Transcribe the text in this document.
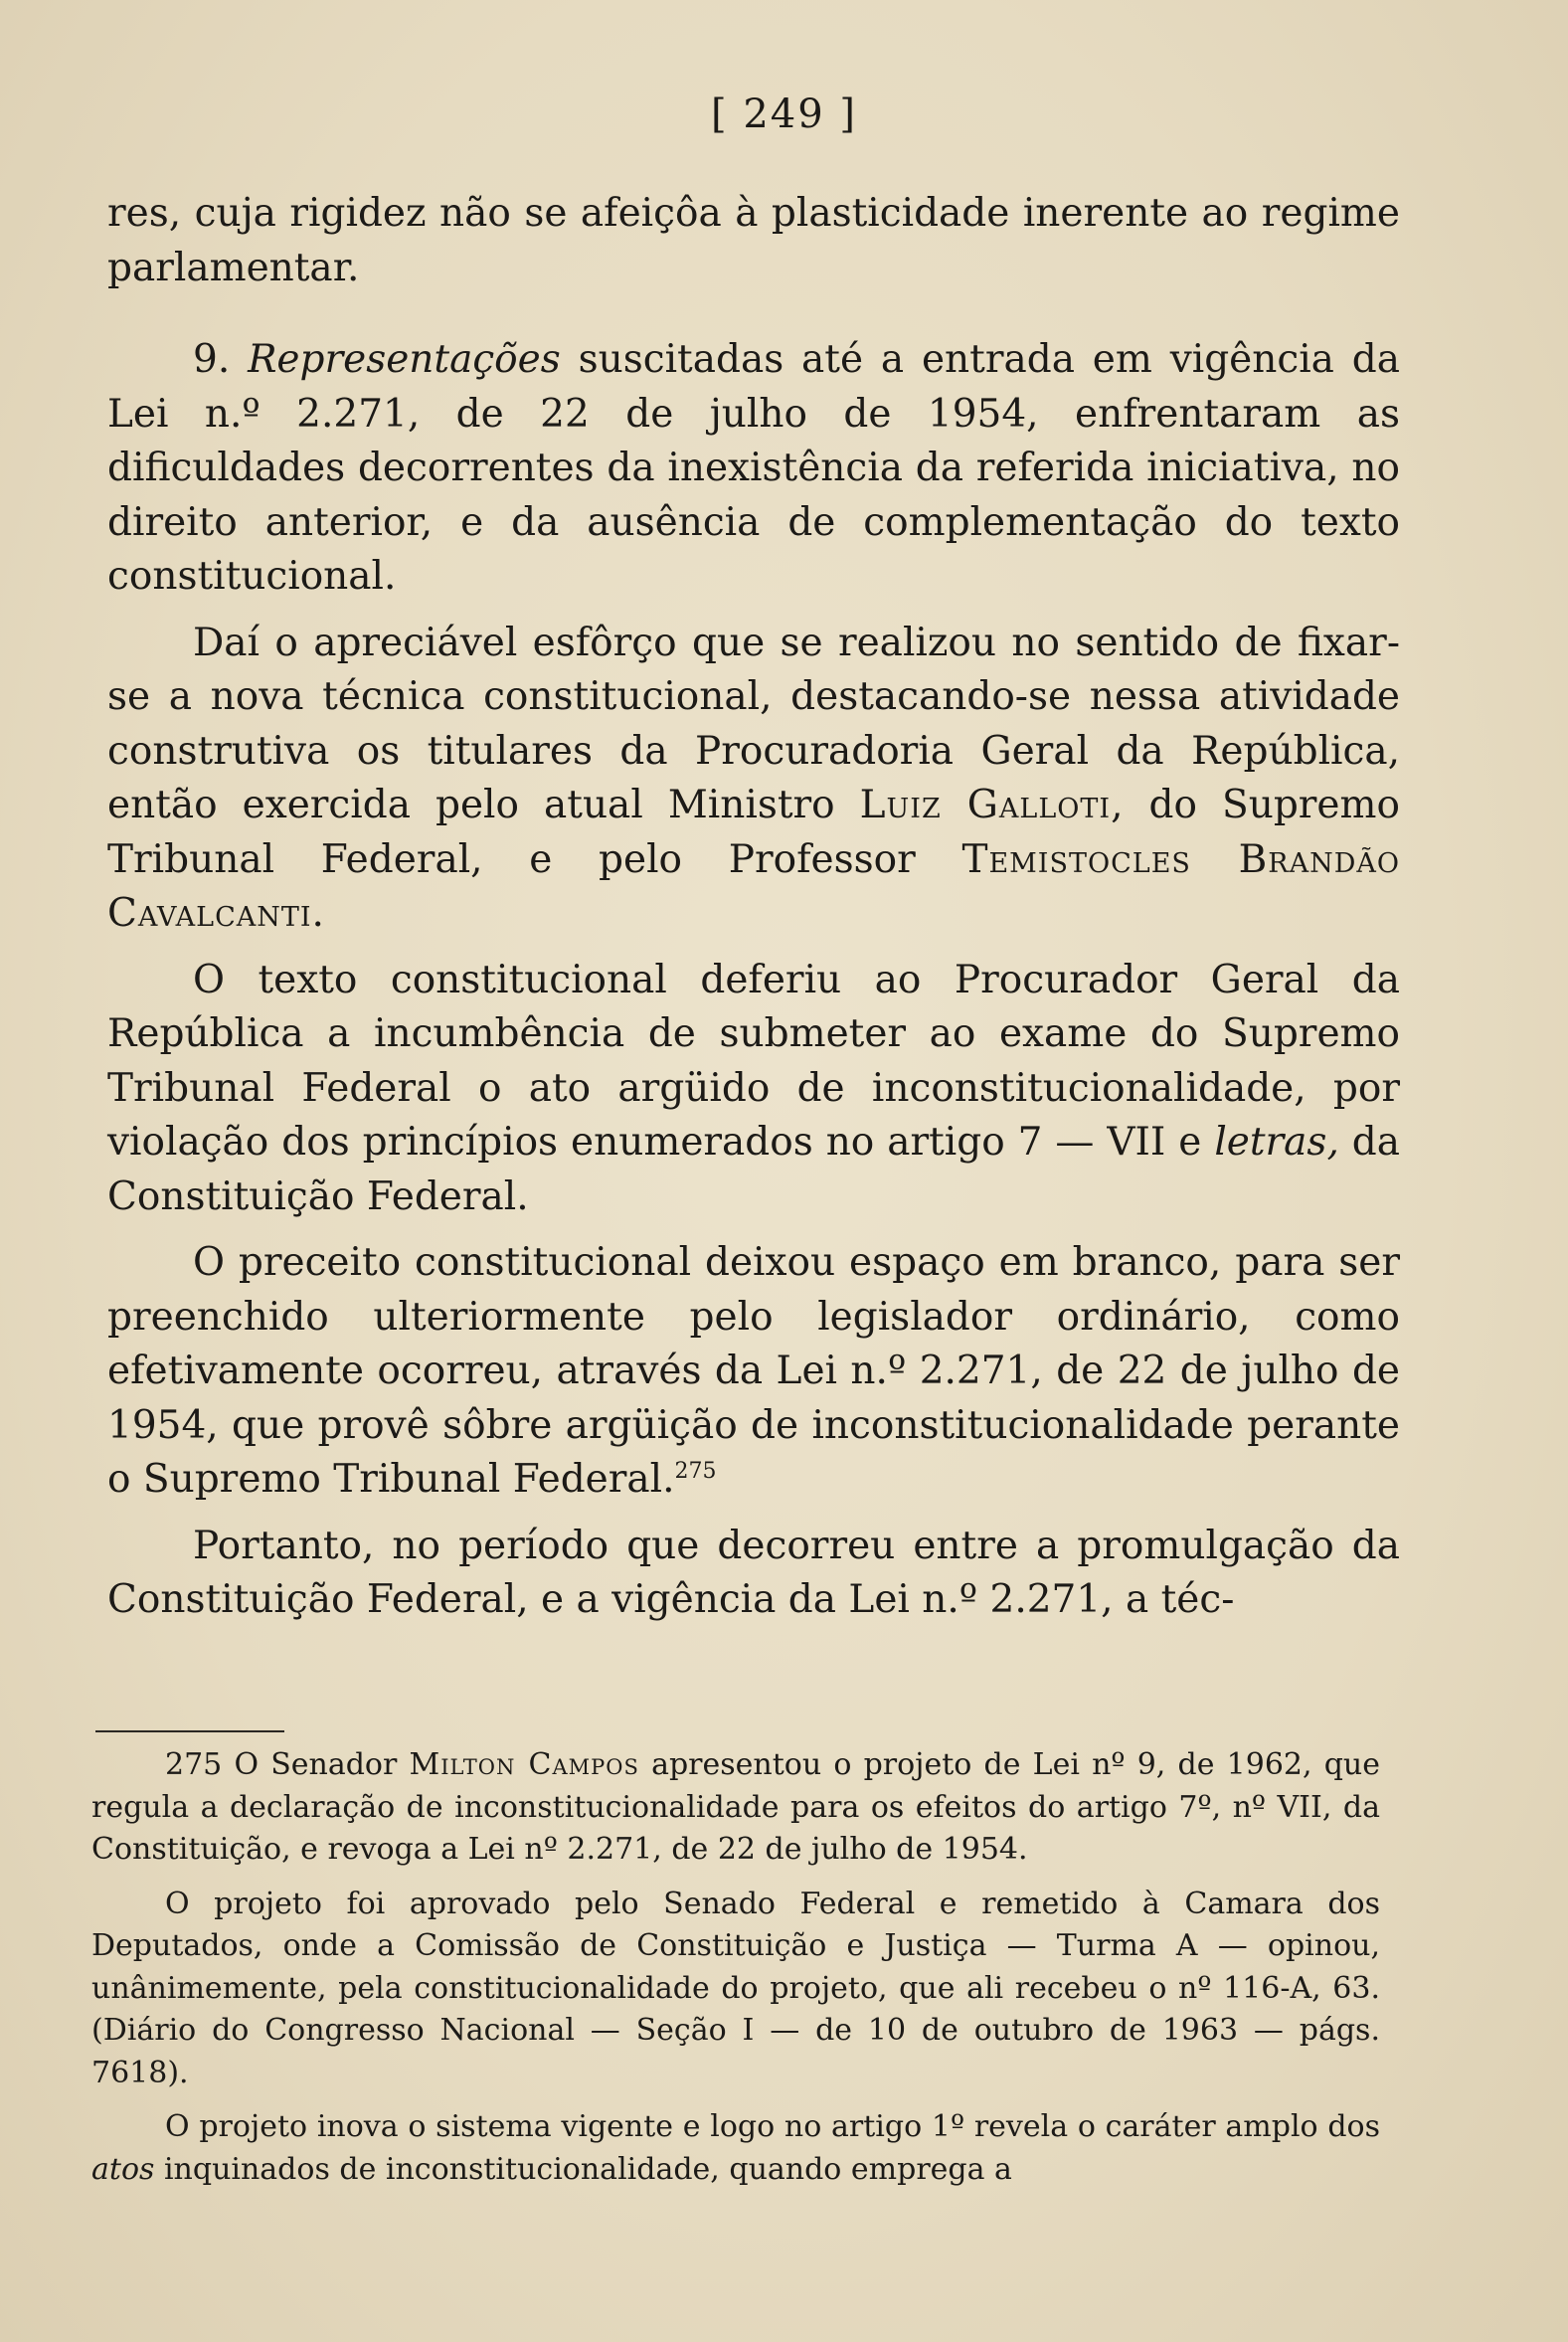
[ 249 ]

res, cuja rigidez não se afeiçôa à plasticidade inerente ao regime parlamentar.

9. Representações suscitadas até a entrada em vigência da Lei n.º 2.271, de 22 de julho de 1954, enfrentaram as dificuldades decorrentes da inexistência da referida iniciativa, no direito anterior, e da ausência de complementação do texto constitucional.

Daí o apreciável esfôrço que se realizou no sentido de fixar-se a nova técnica constitucional, destacando-se nessa atividade construtiva os titulares da Procuradoria Geral da República, então exercida pelo atual Ministro Luiz Galloti, do Supremo Tribunal Federal, e pelo Professor Temistocles Brandão Cavalcanti.

O texto constitucional deferiu ao Procurador Geral da República a incumbência de submeter ao exame do Supremo Tribunal Federal o ato argüido de inconstitucionalidade, por violação dos princípios enumerados no artigo 7 — VII e letras, da Constituição Federal.

O preceito constitucional deixou espaço em branco, para ser preenchido ulteriormente pelo legislador ordinário, como efetivamente ocorreu, através da Lei n.º 2.271, de 22 de julho de 1954, que provê sôbre argüição de inconstitucionalidade perante o Supremo Tribunal Federal.$^{275}$

Portanto, no período que decorreu entre a promulgação da Constituição Federal, e a vigência da Lei n.º 2.271, a téc-

275 O Senador Milton Campos apresentou o projeto de Lei nº 9, de 1962, que regula a declaração de inconstitucionalidade para os efeitos do artigo 7º, nº VII, da Constituição, e revoga a Lei nº 2.271, de 22 de julho de 1954.

O projeto foi aprovado pelo Senado Federal e remetido à Camara dos Deputados, onde a Comissão de Constituição e Justiça — Turma A — opinou, unânimemente, pela constitucionalidade do projeto, que ali recebeu o nº 116-A, 63. (Diário do Congresso Nacional — Seção I — de 10 de outubro de 1963 — págs. 7618).

O projeto inova o sistema vigente e logo no artigo 1º revela o caráter amplo dos atos inquinados de inconstitucionalidade, quando emprega a
